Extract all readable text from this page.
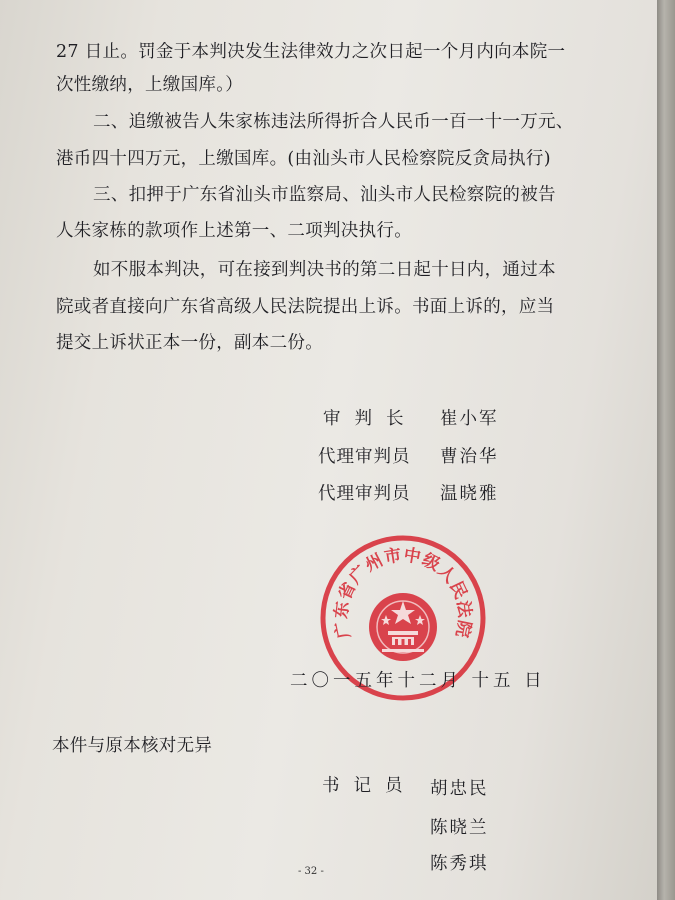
27 日止。罚金于本判决发生法律效力之次日起一个月内向本院一
次性缴纳，上缴国库。）
二、追缴被告人朱家栋违法所得折合人民币一百一十一万元、
港币四十四万元，上缴国库。(由汕头市人民检察院反贪局执行)
三、扣押于广东省汕头市监察局、汕头市人民检察院的被告
人朱家栋的款项作上述第一、二项判决执行。
如不服本判决，可在接到判决书的第二日起十日内，通过本
院或者直接向广东省高级人民法院提出上诉。书面上诉的，应当
提交上诉状正本一份，副本二份。
审判长 崔小军
代理审判员 曹治华
代理审判员 温晓雅
广东省广州市中级人民法院
二〇一五年十二月 十五 日
本件与原本核对无异
书记员 胡忠民
陈晓兰
陈秀琪
- 32 -
